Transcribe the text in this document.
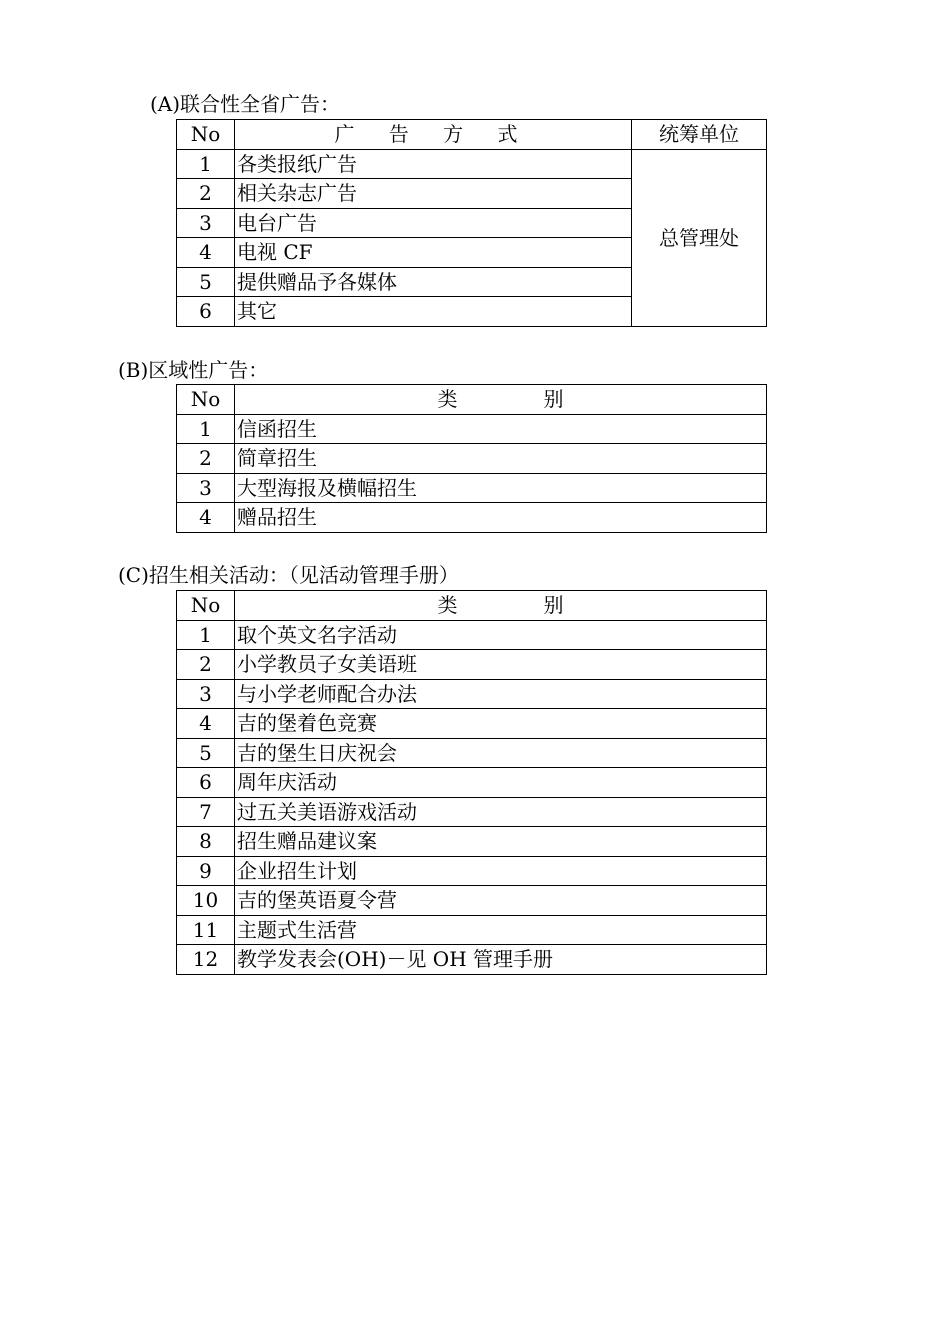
(A)联合性全省广告：
No	广 告 方 式	统筹单位
1	各类报纸广告	总管理处
2	相关杂志广告	
3	电台广告	
4	电视 CF	
5	提供赠品予各媒体	
6	其它	
(B)区域性广告：
No	类 别
1	信函招生
2	简章招生
3	大型海报及横幅招生
4	赠品招生
(C)招生相关活动：（见活动管理手册）
No	类 别
1	取个英文名字活动
2	小学教员子女美语班
3	与小学老师配合办法
4	吉的堡着色竞赛
5	吉的堡生日庆祝会
6	周年庆活动
7	过五关美语游戏活动
8	招生赠品建议案
9	企业招生计划
10	吉的堡英语夏令营
11	主题式生活营
12	教学发表会(OH)－见 OH 管理手册
